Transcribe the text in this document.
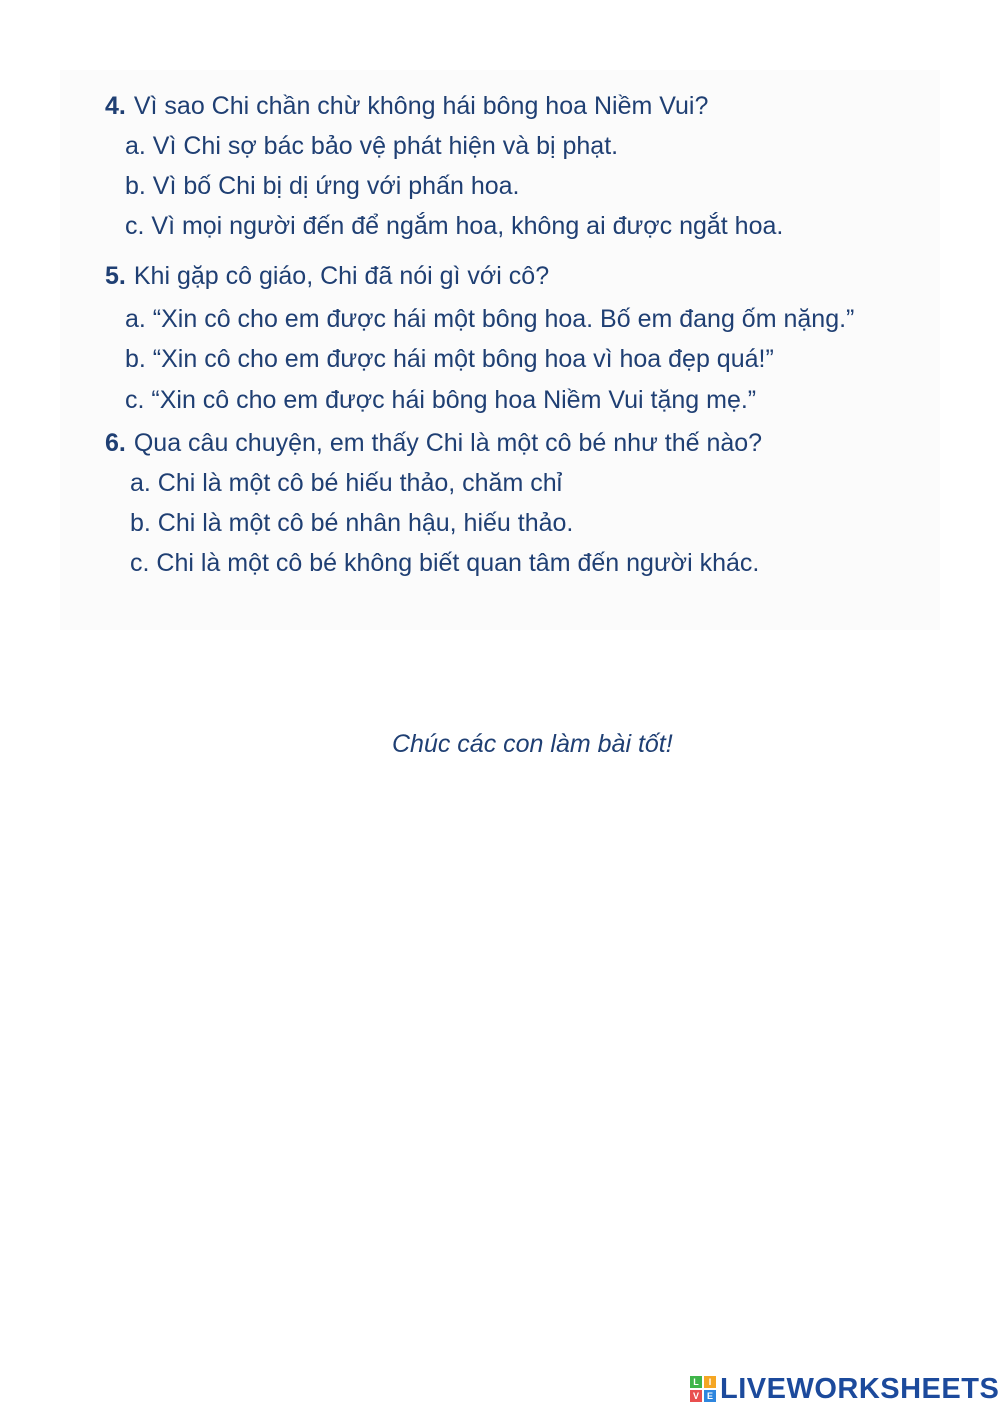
4. Vì sao Chi chần chừ không hái bông hoa Niềm Vui?

a. Vì Chi sợ bác bảo vệ phát hiện và bị phạt.

b. Vì bố Chi bị dị ứng với phấn hoa.

c. Vì mọi người đến để ngắm hoa, không ai được ngắt hoa.

5. Khi gặp cô giáo, Chi đã nói gì với cô?

a. “Xin cô cho em được hái một bông hoa. Bố em đang ốm nặng.”

b. “Xin cô cho em được hái một bông hoa vì hoa đẹp quá!”

c. “Xin cô cho em được hái bông hoa Niềm Vui tặng mẹ.”

6. Qua câu chuyện, em thấy Chi là một cô bé như thế nào?

a. Chi là một cô bé hiếu thảo, chăm chỉ

b. Chi là một cô bé nhân hậu, hiếu thảo.

c. Chi là một cô bé không biết quan tâm đến người khác.

Chúc các con làm bài tốt!
L	I
V E LIVEWORKSHEETS
